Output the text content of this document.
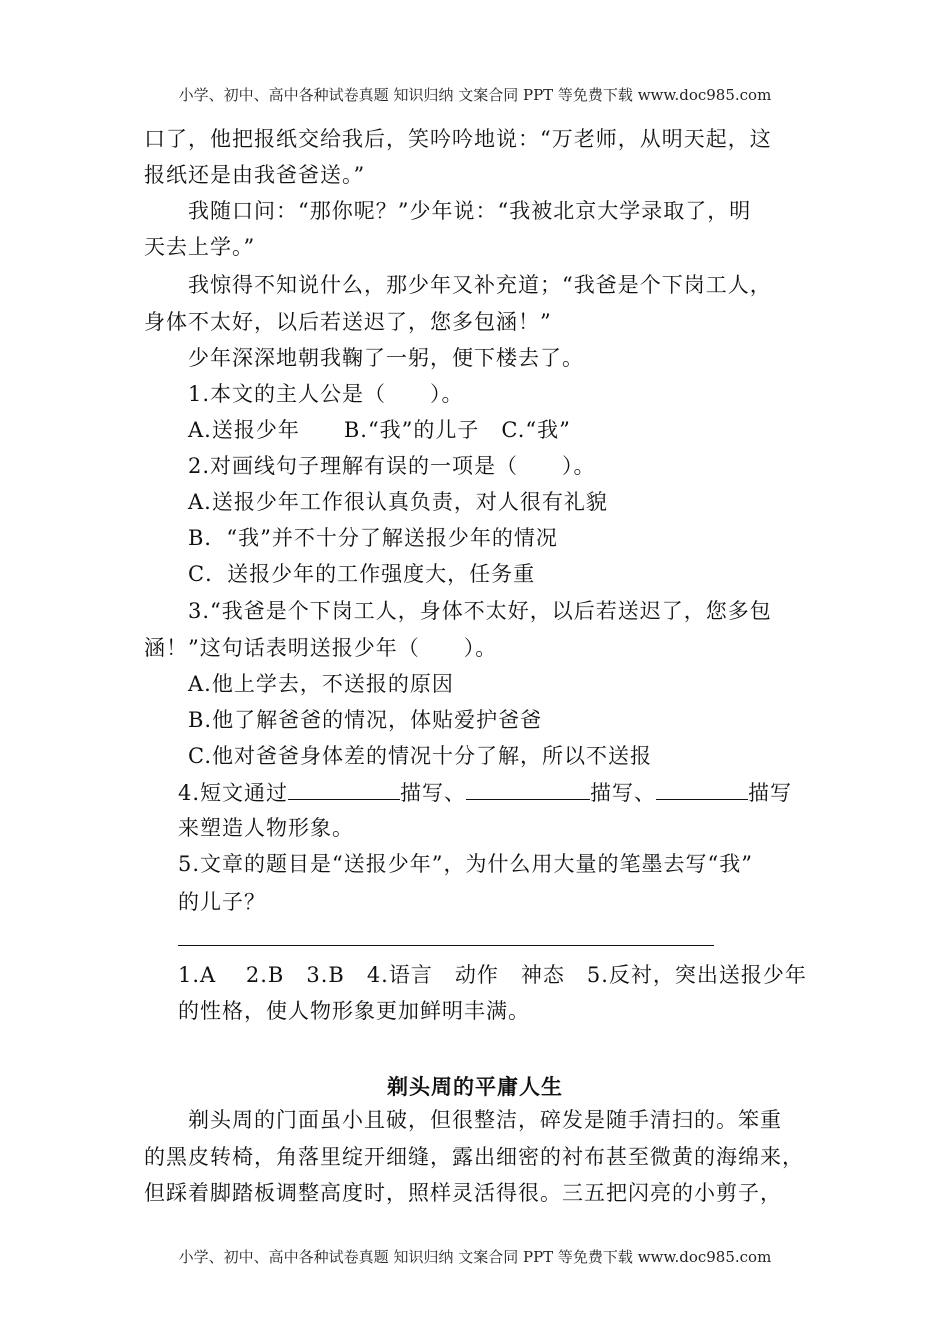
小学、初中、高中各种试卷真题 知识归纳 文案合同 PPT 等免费下载 www.doc985.com
口了，他把报纸交给我后，笑吟吟地说：“万老师，从明天起，这
报纸还是由我爸爸送。”
我随口问：“那你呢？”少年说：“我被北京大学录取了，明
天去上学。”
我惊得不知说什么，那少年又补充道；“我爸是个下岗工人，
身体不太好，以后若送迟了，您多包涵！”
少年深深地朝我鞠了一躬，便下楼去了。
1.本文的主人公是（　　）。
A.送报少年　　B.“我”的儿子　C.“我”
2.对画线句子理解有误的一项是（　　）。
A.送报少年工作很认真负责，对人很有礼貌
B．“我”并不十分了解送报少年的情况
C．送报少年的工作强度大，任务重
3.“我爸是个下岗工人，身体不太好，以后若送迟了，您多包
涵！”这句话表明送报少年（　　）。
A.他上学去，不送报的原因
B.他了解爸爸的情况，体贴爱护爸爸
C.他对爸爸身体差的情况十分了解，所以不送报
4.短文通过	描写、	描写、	描写
来塑造人物形象。
5.文章的题目是“送报少年”，为什么用大量的笔墨去写“我”
的儿子？
1.A　 2.B　3.B　4.语言　动作　神态　5.反衬，突出送报少年
的性格，使人物形象更加鲜明丰满。
剃头周的平庸人生
剃头周的门面虽小且破，但很整洁，碎发是随手清扫的。笨重
的黑皮转椅，角落里绽开细缝，露出细密的衬布甚至微黄的海绵来，
但踩着脚踏板调整高度时，照样灵活得很。三五把闪亮的小剪子，
小学、初中、高中各种试卷真题 知识归纳 文案合同 PPT 等免费下载 www.doc985.com
